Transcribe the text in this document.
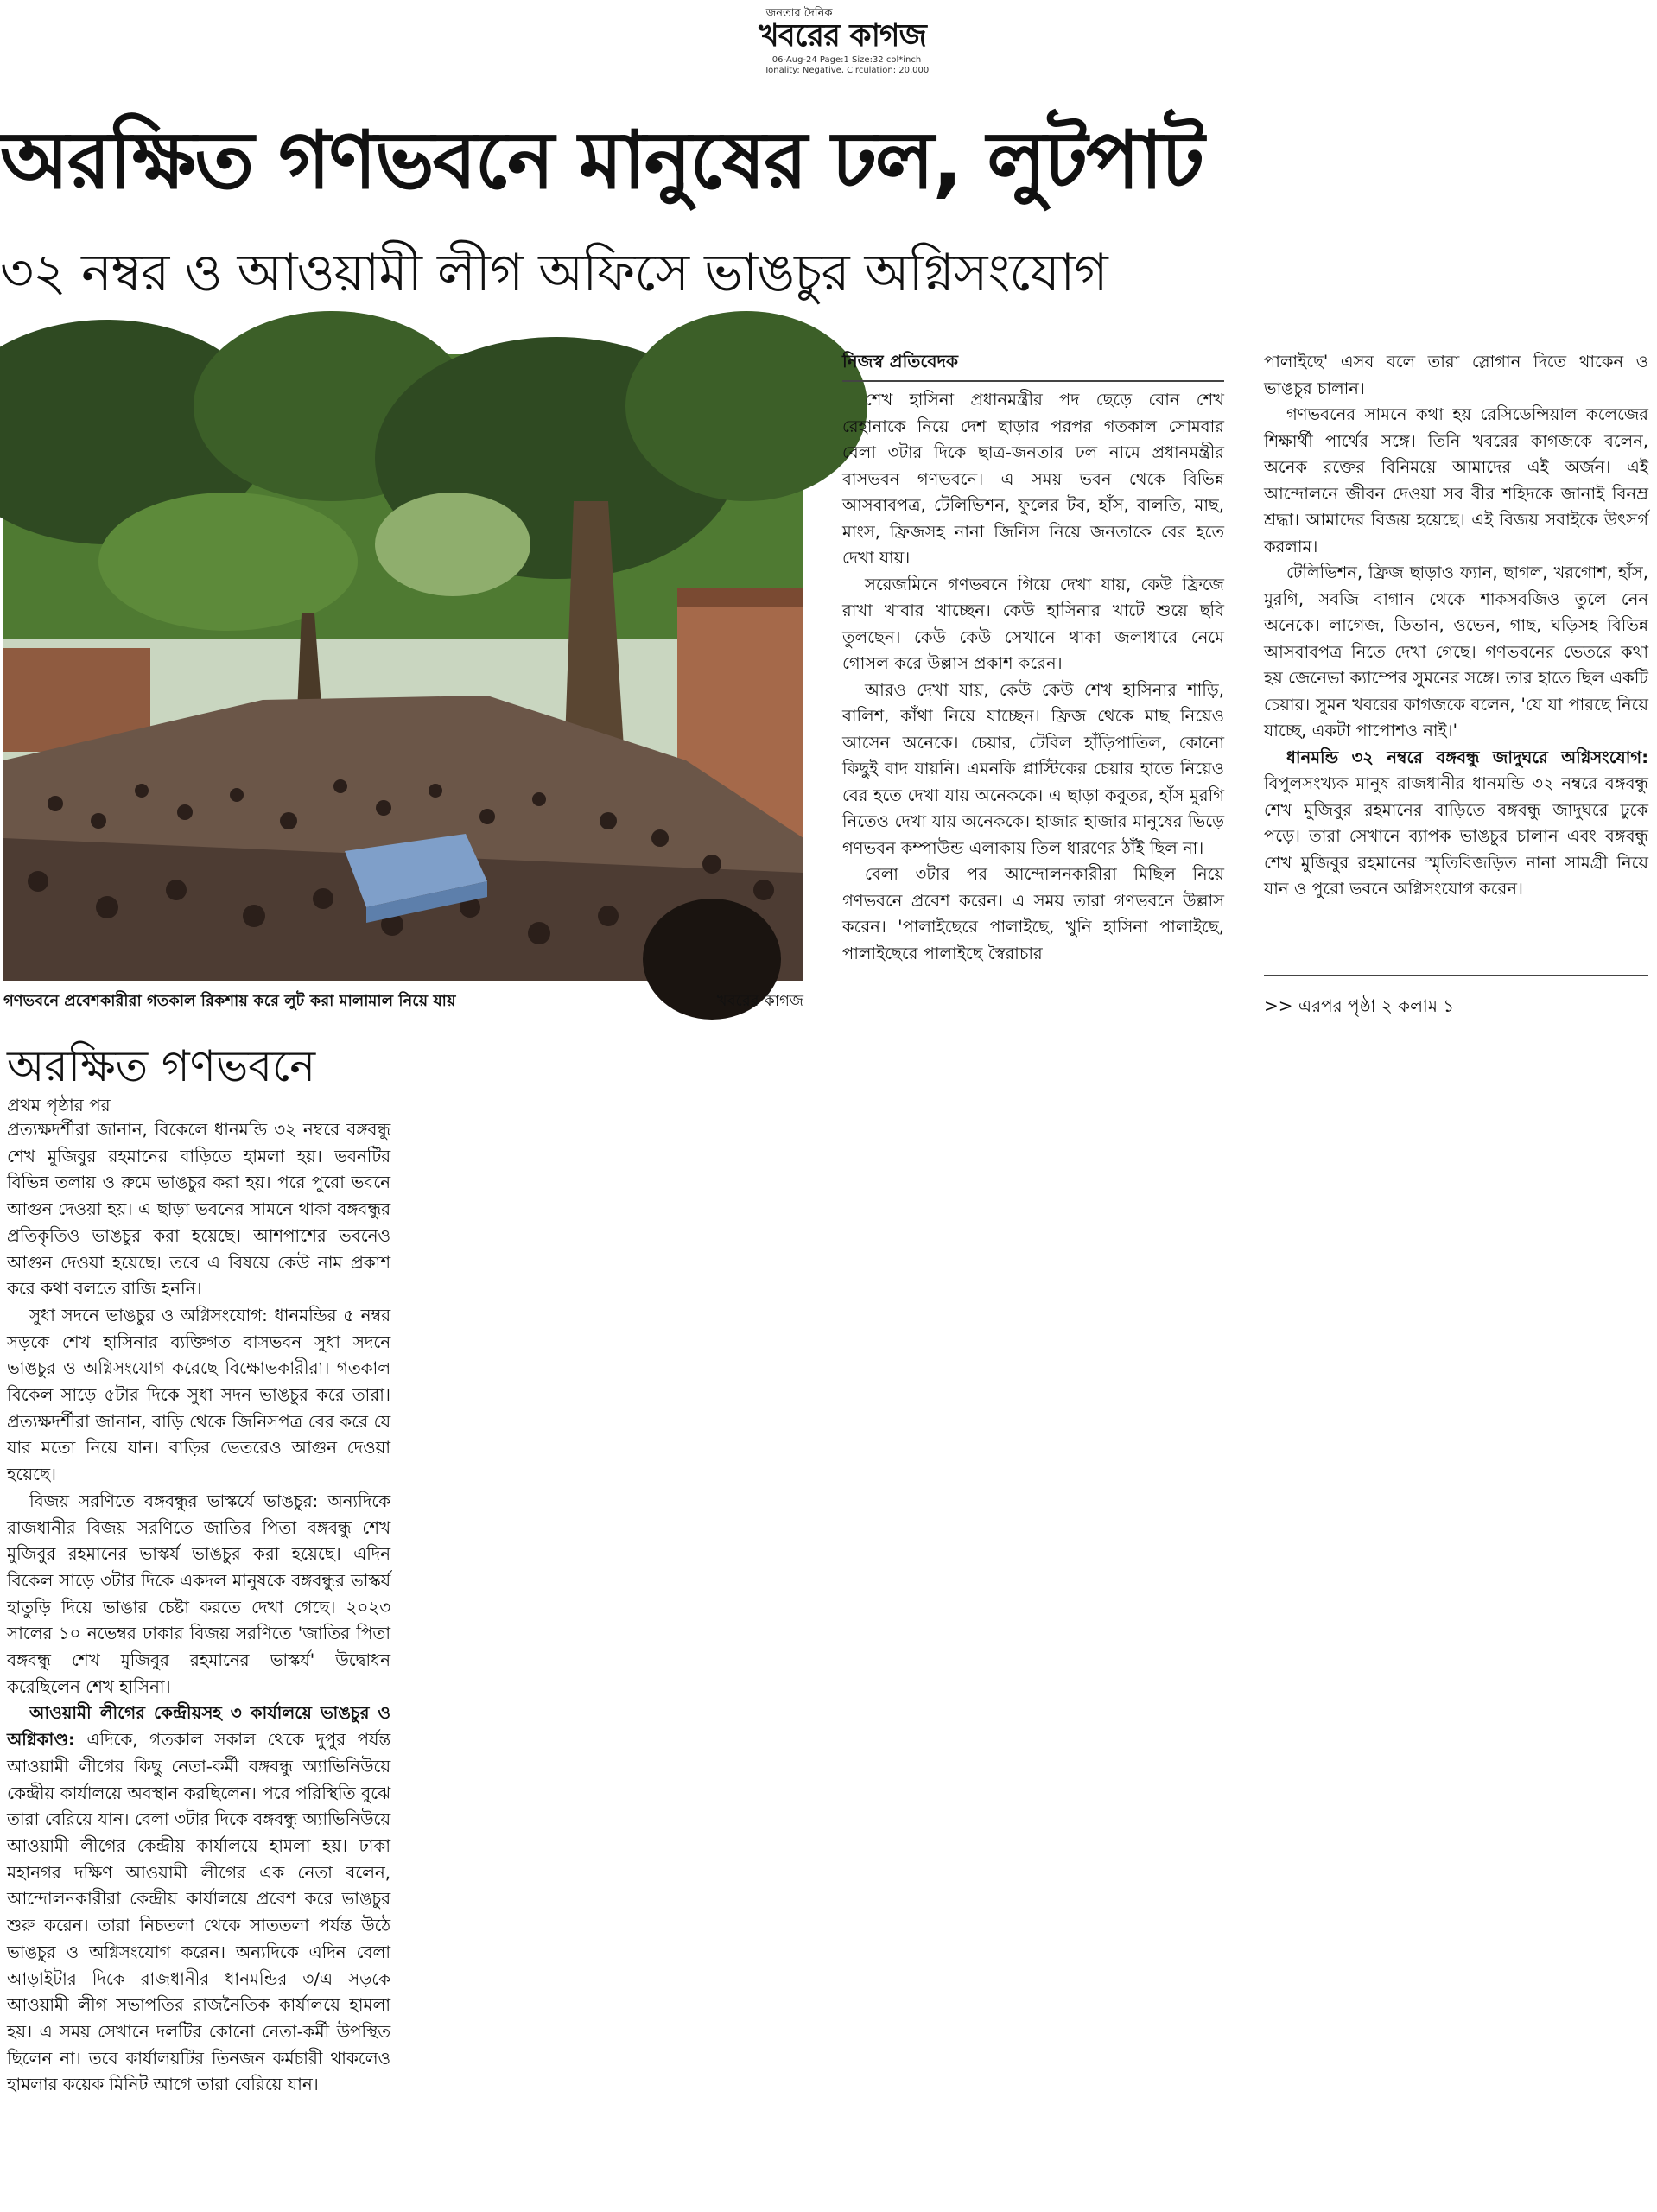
জনতার দৈনিক
খবরের কাগজ
06-Aug-24 Page:1 Size:32 col*inch
Tonality: Negative, Circulation: 20,000
অরক্ষিত গণভবনে মানুষের ঢল, লুটপাট
৩২ নম্বর ও আওয়ামী লীগ অফিসে ভাঙচুর অগ্নিসংযোগ
গণভবনে প্রবেশকারীরা গতকাল রিকশায় করে লুট করা মালামাল নিয়ে যায়	খবরের কাগজ
নিজস্ব প্রতিবেদক

শেখ হাসিনা প্রধানমন্ত্রীর পদ ছেড়ে বোন শেখ রেহানাকে নিয়ে দেশ ছাড়ার পরপর গতকাল সোমবার বেলা ৩টার দিকে ছাত্র-জনতার ঢল নামে প্রধানমন্ত্রীর বাসভবন গণভবনে। এ সময় ভবন থেকে বিভিন্ন আসবাবপত্র, টেলিভিশন, ফুলের টব, হাঁস, বালতি, মাছ, মাংস, ফ্রিজসহ নানা জিনিস নিয়ে জনতাকে বের হতে দেখা যায়।

সরেজমিনে গণভবনে গিয়ে দেখা যায়, কেউ ফ্রিজে রাখা খাবার খাচ্ছেন। কেউ হাসিনার খাটে শুয়ে ছবি তুলছেন। কেউ কেউ সেখানে থাকা জলাধারে নেমে গোসল করে উল্লাস প্রকাশ করেন।

আরও দেখা যায়, কেউ কেউ শেখ হাসিনার শাড়ি, বালিশ, কাঁথা নিয়ে যাচ্ছেন। ফ্রিজ থেকে মাছ নিয়েও আসেন অনেকে। চেয়ার, টেবিল হাঁড়িপাতিল, কোনো কিছুই বাদ যায়নি। এমনকি প্লাস্টিকের চেয়ার হাতে নিয়েও বের হতে দেখা যায় অনেককে। এ ছাড়া কবুতর, হাঁস মুরগি নিতেও দেখা যায় অনেককে। হাজার হাজার মানুষের ভিড়ে গণভবন কম্পাউন্ড এলাকায় তিল ধারণের ঠাঁই ছিল না।

বেলা ৩টার পর আন্দোলনকারীরা মিছিল নিয়ে গণভবনে প্রবেশ করেন। এ সময় তারা গণভবনে উল্লাস করেন। 'পালাইছেরে পালাইছে, খুনি হাসিনা পালাইছে, পালাইছেরে পালাইছে স্বৈরাচার

পালাইছে' এসব বলে তারা স্লোগান দিতে থাকেন ও ভাঙচুর চালান।

গণভবনের সামনে কথা হয় রেসিডেন্সিয়াল কলেজের শিক্ষার্থী পার্থের সঙ্গে। তিনি খবরের কাগজকে বলেন, অনেক রক্তের বিনিময়ে আমাদের এই অর্জন। এই আন্দোলনে জীবন দেওয়া সব বীর শহিদকে জানাই বিনম্র শ্রদ্ধা। আমাদের বিজয় হয়েছে। এই বিজয় সবাইকে উৎসর্গ করলাম।

টেলিভিশন, ফ্রিজ ছাড়াও ফ্যান, ছাগল, খরগোশ, হাঁস, মুরগি, সবজি বাগান থেকে শাকসবজিও তুলে নেন অনেকে। লাগেজ, ডিভান, ওভেন, গাছ, ঘড়িসহ বিভিন্ন আসবাবপত্র নিতে দেখা গেছে। গণভবনের ভেতরে কথা হয় জেনেভা ক্যাম্পের সুমনের সঙ্গে। তার হাতে ছিল একটি চেয়ার। সুমন খবরের কাগজকে বলেন, 'যে যা পারছে নিয়ে যাচ্ছে, একটা পাপোশও নাই।'

ধানমন্ডি ৩২ নম্বরে বঙ্গবন্ধু জাদুঘরে অগ্নিসংযোগ: বিপুলসংখ্যক মানুষ রাজধানীর ধানমন্ডি ৩২ নম্বরে বঙ্গবন্ধু শেখ মুজিবুর রহমানের বাড়িতে বঙ্গবন্ধু জাদুঘরে ঢুকে পড়ে। তারা সেখানে ব্যাপক ভাঙচুর চালান এবং বঙ্গবন্ধু শেখ মুজিবুর রহমানের স্মৃতিবিজড়িত নানা সামগ্রী নিয়ে যান ও পুরো ভবনে অগ্নিসংযোগ করেন।

>> এরপর পৃষ্ঠা ২ কলাম ১
অরক্ষিত গণভবনে
প্রথম পৃষ্ঠার পর

প্রত্যক্ষদর্শীরা জানান, বিকেলে ধানমন্ডি ৩২ নম্বরে বঙ্গবন্ধু শেখ মুজিবুর রহমানের বাড়িতে হামলা হয়। ভবনটির বিভিন্ন তলায় ও রুমে ভাঙচুর করা হয়। পরে পুরো ভবনে আগুন দেওয়া হয়। এ ছাড়া ভবনের সামনে থাকা বঙ্গবন্ধুর প্রতিকৃতিও ভাঙচুর করা হয়েছে। আশপাশের ভবনেও আগুন দেওয়া হয়েছে। তবে এ বিষয়ে কেউ নাম প্রকাশ করে কথা বলতে রাজি হননি।

সুধা সদনে ভাঙচুর ও অগ্নিসংযোগ: ধানমন্ডির ৫ নম্বর সড়কে শেখ হাসিনার ব্যক্তিগত বাসভবন সুধা সদনে ভাঙচুর ও অগ্নিসংযোগ করেছে বিক্ষোভকারীরা। গতকাল বিকেল সাড়ে ৫টার দিকে সুধা সদন ভাঙচুর করে তারা। প্রত্যক্ষদর্শীরা জানান, বাড়ি থেকে জিনিসপত্র বের করে যে যার মতো নিয়ে যান। বাড়ির ভেতরেও আগুন দেওয়া হয়েছে।

বিজয় সরণিতে বঙ্গবন্ধুর ভাস্কর্যে ভাঙচুর: অন্যদিকে রাজধানীর বিজয় সরণিতে জাতির পিতা বঙ্গবন্ধু শেখ মুজিবুর রহমানের ভাস্কর্য ভাঙচুর করা হয়েছে। এদিন বিকেল সাড়ে ৩টার দিকে একদল মানুষকে বঙ্গবন্ধুর ভাস্কর্য হাতুড়ি দিয়ে ভাঙার চেষ্টা করতে দেখা গেছে। ২০২৩ সালের ১০ নভেম্বর ঢাকার বিজয় সরণিতে 'জাতির পিতা বঙ্গবন্ধু শেখ মুজিবুর রহমানের ভাস্কর্য' উদ্বোধন করেছিলেন শেখ হাসিনা।

আওয়ামী লীগের কেন্দ্রীয়সহ ৩ কার্যালয়ে ভাঙচুর ও অগ্নিকাণ্ড: এদিকে, গতকাল সকাল থেকে দুপুর পর্যন্ত আওয়ামী লীগের কিছু নেতা-কর্মী বঙ্গবন্ধু অ্যাভিনিউয়ে কেন্দ্রীয় কার্যালয়ে অবস্থান করছিলেন। পরে পরিস্থিতি বুঝে তারা বেরিয়ে যান। বেলা ৩টার দিকে বঙ্গবন্ধু অ্যাভিনিউয়ে আওয়ামী লীগের কেন্দ্রীয় কার্যালয়ে হামলা হয়। ঢাকা মহানগর দক্ষিণ আওয়ামী লীগের এক নেতা বলেন, আন্দোলনকারীরা কেন্দ্রীয় কার্যালয়ে প্রবেশ করে ভাঙচুর শুরু করেন। তারা নিচতলা থেকে সাততলা পর্যন্ত উঠে ভাঙচুর ও অগ্নিসংযোগ করেন। অন্যদিকে এদিন বেলা আড়াইটার দিকে রাজধানীর ধানমন্ডির ৩/এ সড়কে আওয়ামী লীগ সভাপতির রাজনৈতিক কার্যালয়ে হামলা হয়। এ সময় সেখানে দলটির কোনো নেতা-কর্মী উপস্থিত ছিলেন না। তবে কার্যালয়টির তিনজন কর্মচারী থাকলেও হামলার কয়েক মিনিট আগে তারা বেরিয়ে যান।
